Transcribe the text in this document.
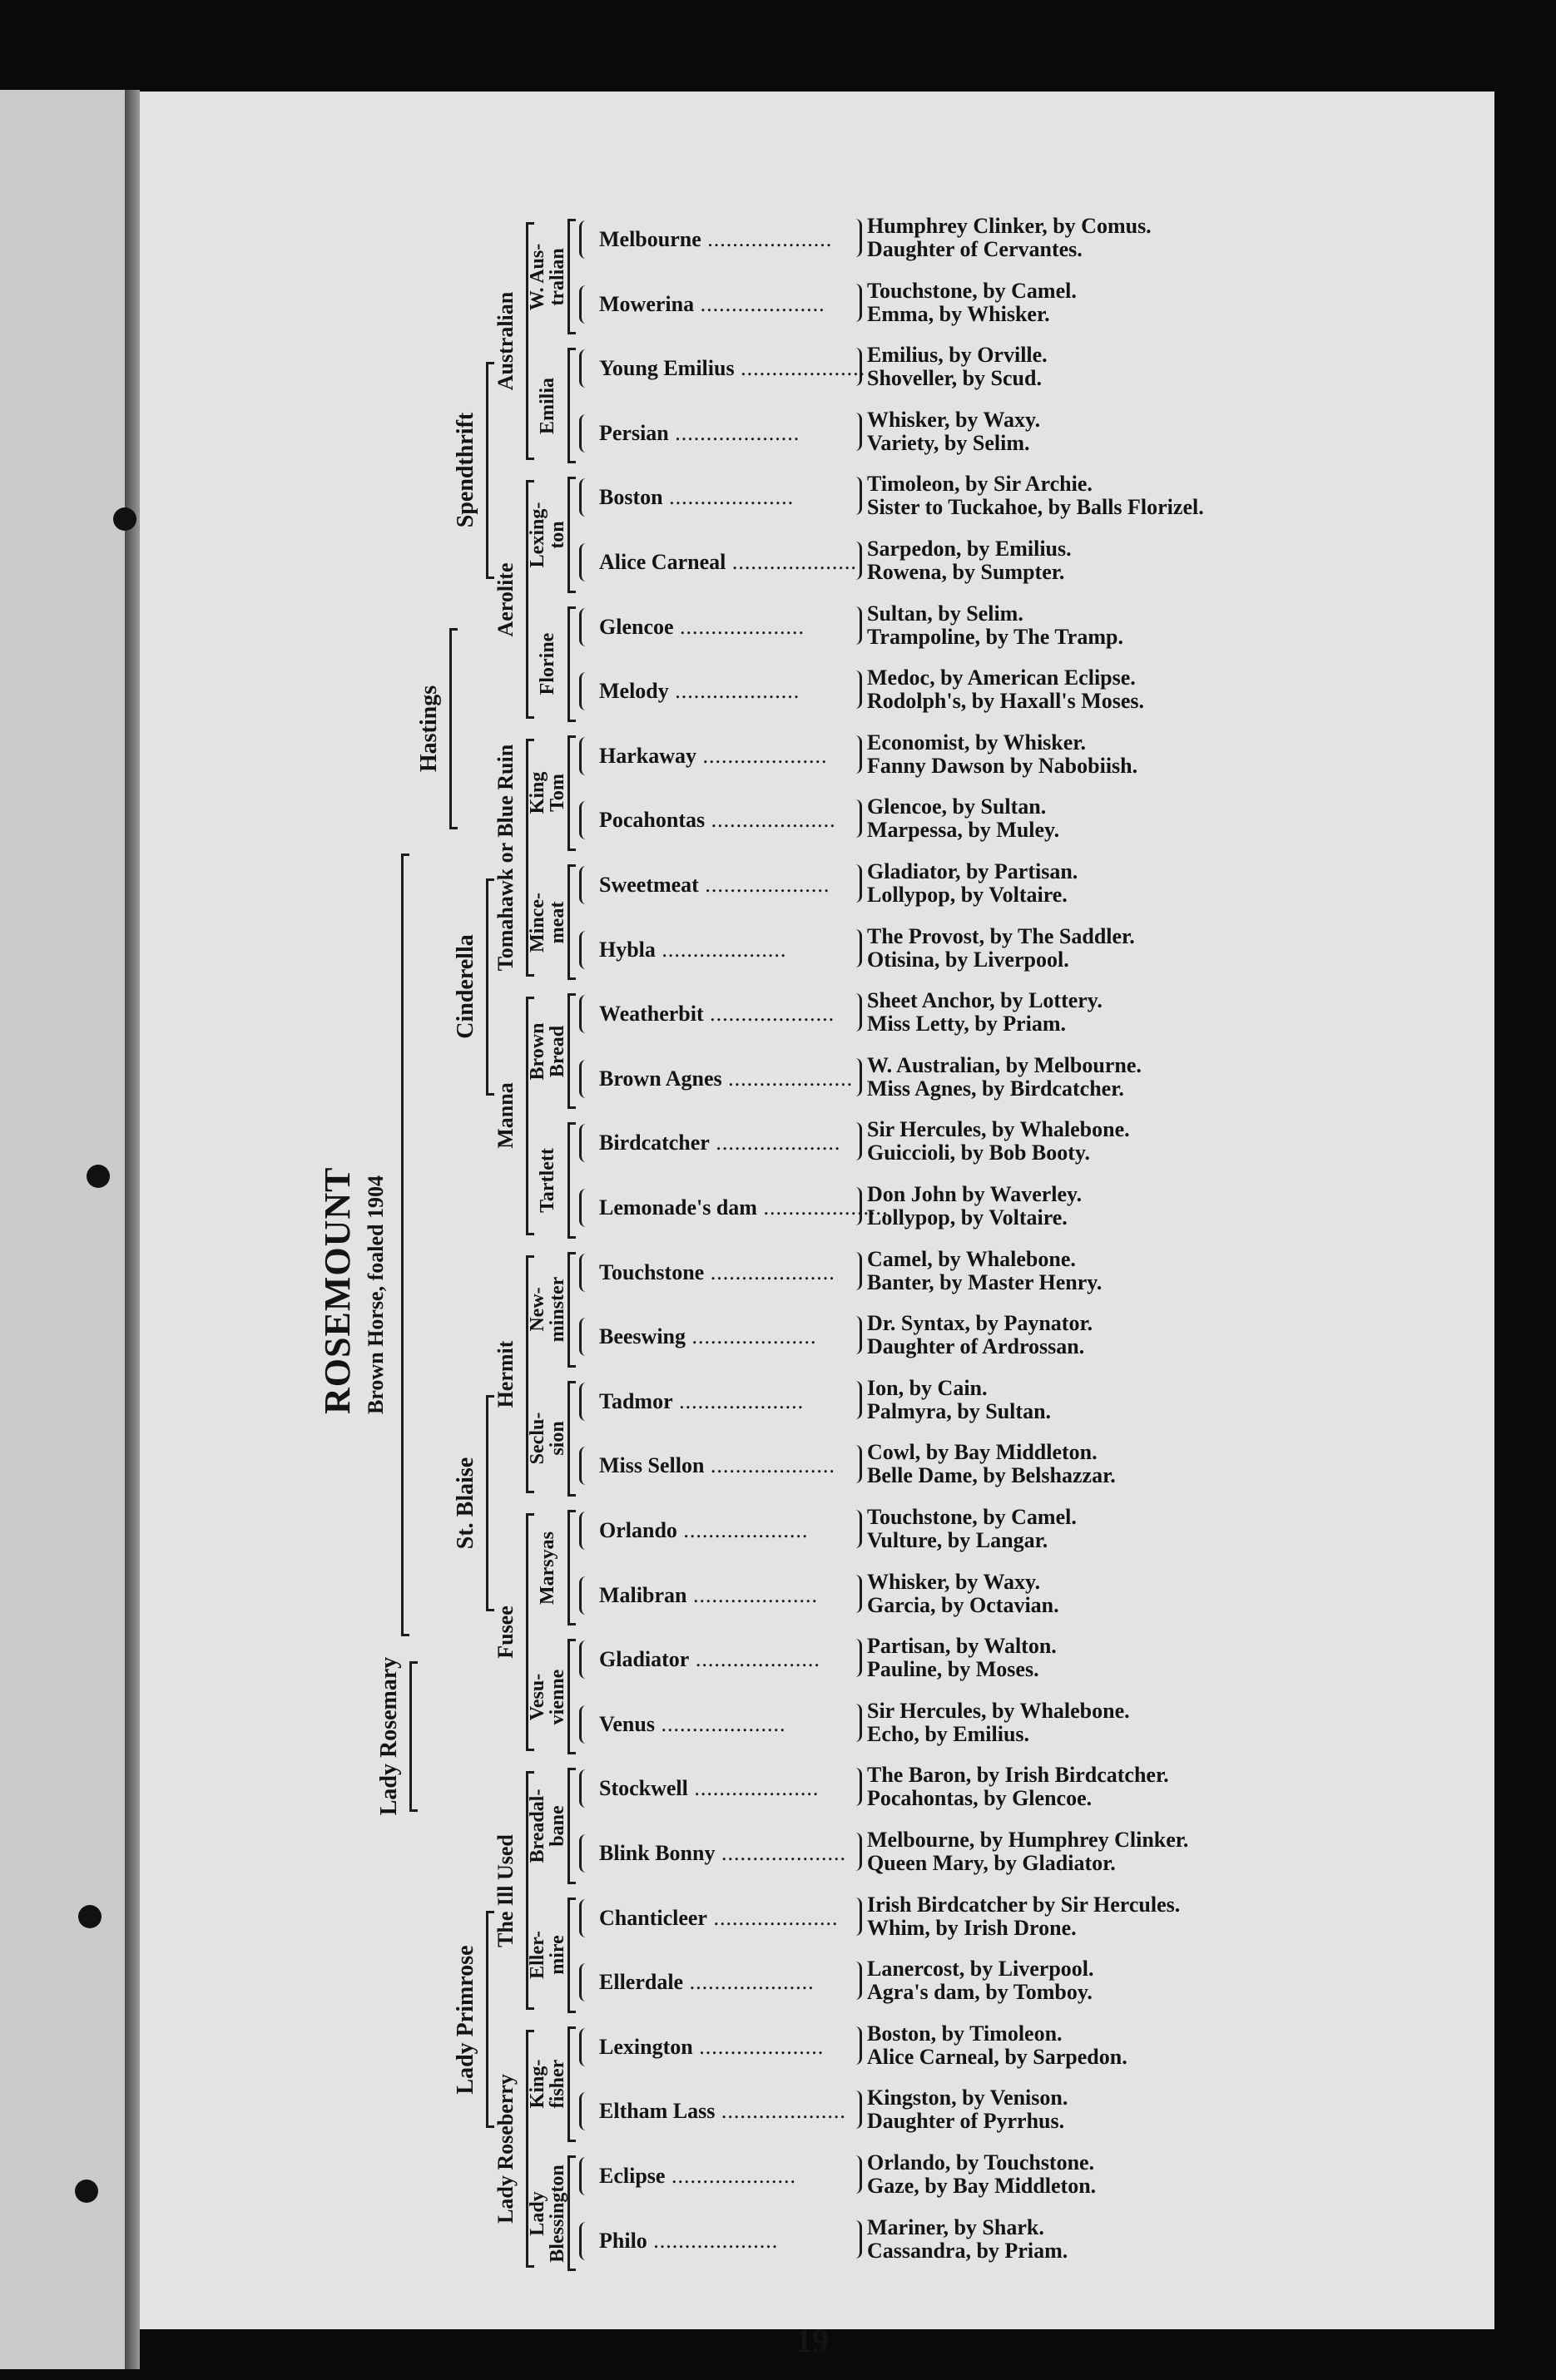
Melbourne .....
Humphrey Clinker, by Comus.
Daughter of Cervantes.
Mowerina .....
Touchstone, by Camel.
Emma, by Whisker.
Young Emilius .....
Emilius, by Orville.
Shoveller, by Scud.
Persian .....
Whisker, by Waxy.
Variety, by Selim.
Boston .....
Timoleon, by Sir Archie.
Sister to Tuckahoe, by Balls Florizel.
Alice Carneal .....
Sarpedon, by Emilius.
Rowena, by Sumpter.
Glencoe .....
Sultan, by Selim.
Trampoline, by The Tramp.
Melody .....
Medoc, by American Eclipse.
Rodolph's, by Haxall's Moses.
Harkaway .....
Economist, by Whisker.
Fanny Dawson by Nabobiish.
Pocahontas .....
Glencoe, by Sultan.
Marpessa, by Muley.
Sweetmeat .....
Gladiator, by Partisan.
Lollypop, by Voltaire.
Hybla .....
The Provost, by The Saddler.
Otisina, by Liverpool.
Weatherbit .....
Sheet Anchor, by Lottery.
Miss Letty, by Priam.
Brown Agnes .....
W. Australian, by Melbourne.
Miss Agnes, by Birdcatcher.
Birdcatcher .....
Sir Hercules, by Whalebone.
Guiccioli, by Bob Booty.
Lemonade's dam .....
Don John by Waverley.
Lollypop, by Voltaire.
Touchstone .....
Camel, by Whalebone.
Banter, by Master Henry.
Beeswing .....
Dr. Syntax, by Paynator.
Daughter of Ardrossan.
Tadmor .....
Ion, by Cain.
Palmyra, by Sultan.
Miss Sellon .....
Cowl, by Bay Middleton.
Belle Dame, by Belshazzar.
Orlando .....
Touchstone, by Camel.
Vulture, by Langar.
Malibran .....
Whisker, by Waxy.
Garcia, by Octavian.
Gladiator .....
Partisan, by Walton.
Pauline, by Moses.
Venus .....
Sir Hercules, by Whalebone.
Echo, by Emilius.
Stockwell .....
The Baron, by Irish Birdcatcher.
Pocahontas, by Glencoe.
Blink Bonny .....
Melbourne, by Humphrey Clinker.
Queen Mary, by Gladiator.
Chanticleer .....
Irish Birdcatcher by Sir Hercules.
Whim, by Irish Drone.
Ellerdale .....
Lanercost, by Liverpool.
Agra's dam, by Tomboy.
Lexington .....
Boston, by Timoleon.
Alice Carneal, by Sarpedon.
Eltham Lass .....
Kingston, by Venison.
Daughter of Pyrrhus.
Eclipse .....
Orlando, by Touchstone.
Gaze, by Bay Middleton.
Philo .....
Mariner, by Shark.
Cassandra, by Priam.
W. Aus-
tralian
Emilia
Lexing-
ton
Florine
King
Tom
Mince-
meat
Brown
Bread
Tartlett
New-
minster
Seclu-
sion
Marsyas
Vesu-
vienne
Breadal-
bane
Eller-
mire
King-
fisher
Lady
Blessington
Australian
Aerolite
Tomahawk or Blue Ruin
Manna
Hermit
Fusee
The Ill Used
Lady Roseberry
Spendthrift
Cinderella
St. Blaise
Lady Primrose
Hastings
Lady Rosemary
ROSEMOUNT Brown Horse, foaled 1904
19
